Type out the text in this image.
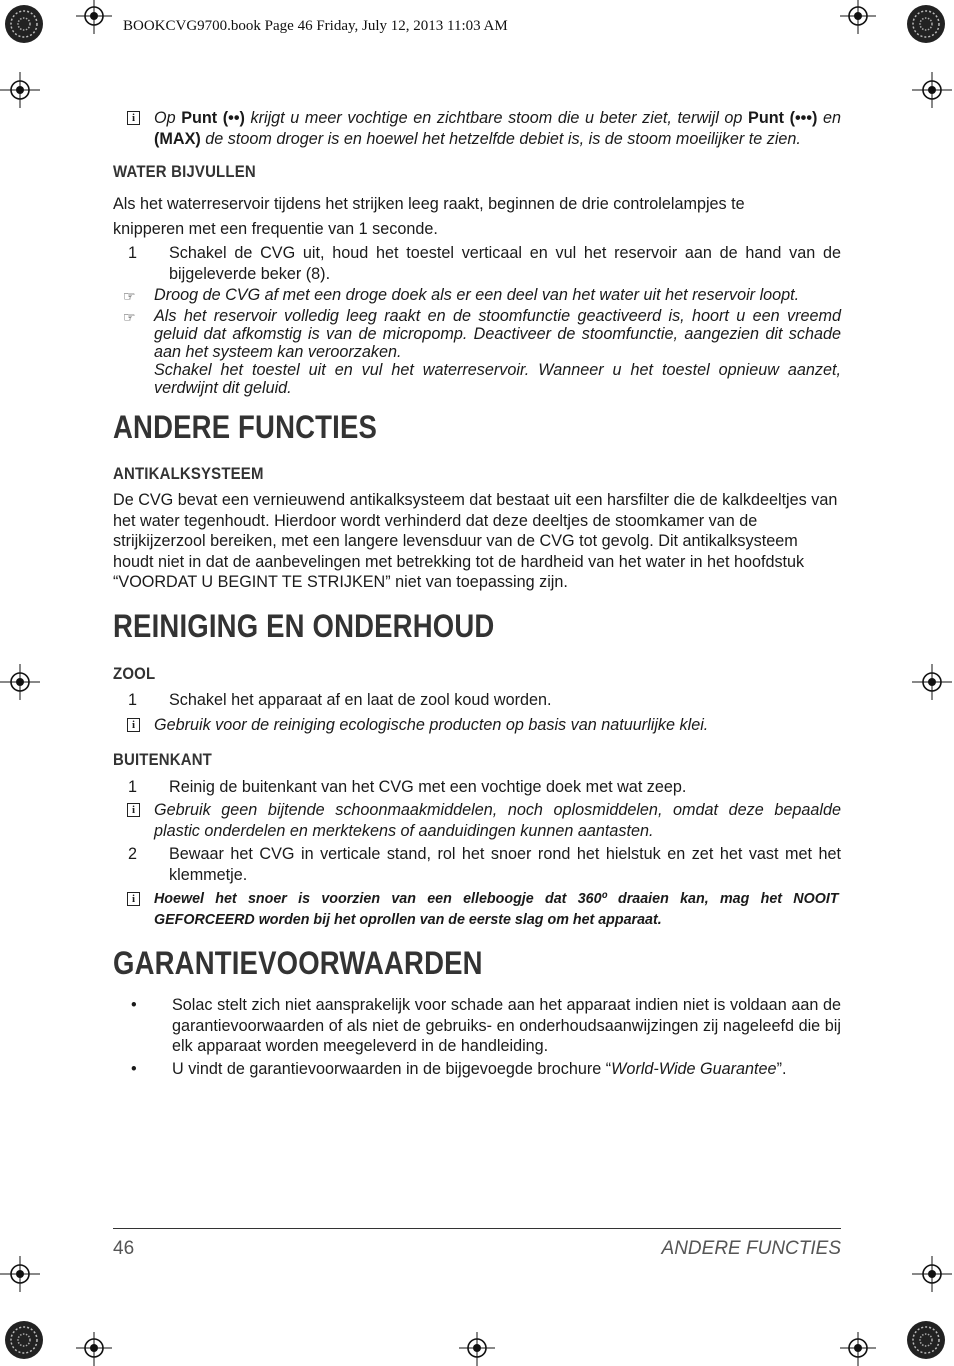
BOOKCVG9700.book Page 46 Friday, July 12, 2013 11:03 AM
i	Op Punt (••) krijgt u meer vochtige en zichtbare stoom die u beter ziet, terwijl op Punt (•••) en (MAX) de stoom droger is en hoewel het hetzelfde debiet is, is de stoom moeilijker te zien.
WATER BIJVULLEN
Als het waterreservoir tijdens het strijken leeg raakt, beginnen de drie controlelampjes te
knipperen met een frequentie van 1 seconde.
1	Schakel de CVG uit, houd het toestel verticaal en vul het reservoir aan de hand van de bijgeleverde beker (8).
☞ Droog de CVG af met een droge doek als er een deel van het water uit het reservoir loopt.
☞ Als het reservoir volledig leeg raakt en de stoomfunctie geactiveerd is, hoort u een vreemd geluid dat afkomstig is van de micropomp. Deactiveer de stoomfunctie, aangezien dit schade aan het systeem kan veroorzaken.
Schakel het toestel uit en vul het waterreservoir. Wanneer u het toestel opnieuw aanzet, verdwijnt dit geluid.
ANDERE FUNCTIES
ANTIKALKSYSTEEM
De CVG bevat een vernieuwend antikalksysteem dat bestaat uit een harsfilter die de kalkdeeltjes van het water tegenhoudt. Hierdoor wordt verhinderd dat deze deeltjes de stoomkamer van de strijkijzerzool bereiken, met een langere levensduur van de CVG tot gevolg. Dit antikalksysteem houdt niet in dat de aanbevelingen met betrekking tot de hardheid van het water in het hoofdstuk “VOORDAT U BEGINT TE STRIJKEN” niet van toepassing zijn.
REINIGING EN ONDERHOUD
ZOOL
1	Schakel het apparaat af en laat de zool koud worden.
i	Gebruik voor de reiniging ecologische producten op basis van natuurlijke klei.
BUITENKANT
1	Reinig de buitenkant van het CVG met een vochtige doek met wat zeep.
i	Gebruik geen bijtende schoonmaakmiddelen, noch oplosmiddelen, omdat deze bepaalde plastic onderdelen en merktekens of aanduidingen kunnen aantasten.
2	Bewaar het CVG in verticale stand, rol het snoer rond het hielstuk en zet het vast met het klemmetje.
i	Hoewel het snoer is voorzien van een elleboogje dat 360º draaien kan, mag het NOOIT GEFORCEERD worden bij het oprollen van de eerste slag om het apparaat.
GARANTIEVOORWAARDEN
•	Solac stelt zich niet aansprakelijk voor schade aan het apparaat indien niet is voldaan aan de garantievoorwaarden of als niet de gebruiks- en onderhoudsaanwijzingen zij nageleefd die bij elk apparaat worden meegeleverd in de handleiding.
•	U vindt de garantievoorwaarden in de bijgevoegde brochure “World-Wide Guarantee”.
46	ANDERE FUNCTIES
